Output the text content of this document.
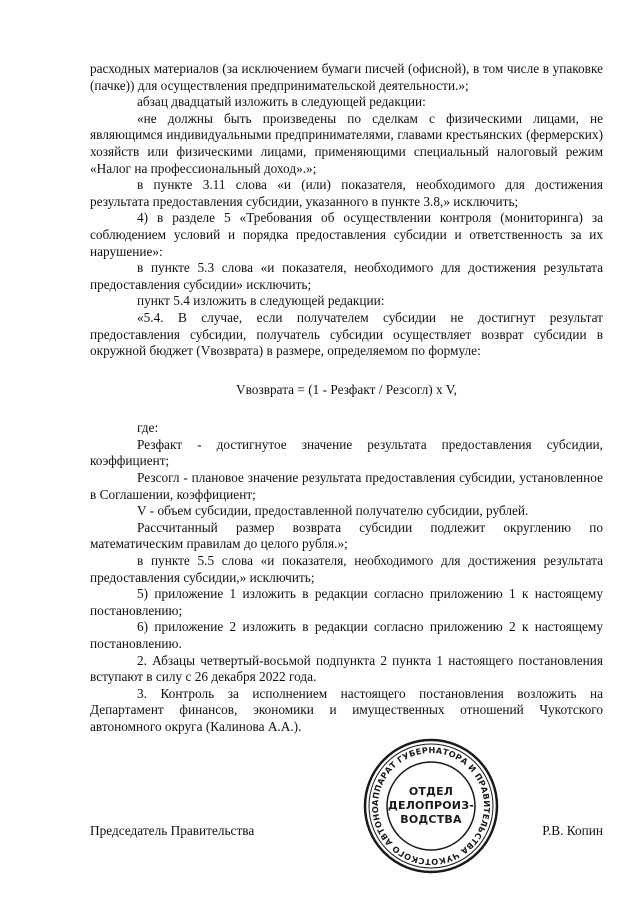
расходных материалов (за исключением бумаги писчей (офисной), в том числе в упаковке (пачке)) для осуществления предпринимательской деятельности.»;

абзац двадцатый изложить в следующей редакции:

«не должны быть произведены по сделкам с физическими лицами, не являющимся индивидуальными предпринимателями, главами крестьянских (фермерских) хозяйств или физическими лицами, применяющими специальный налоговый режим «Налог на профессиональный доход».»;

в пункте 3.11 слова «и (или) показателя, необходимого для достижения результата предоставления субсидии, указанного в пункте 3.8,» исключить;

4) в разделе 5 «Требования об осуществлении контроля (мониторинга) за соблюдением условий и порядка предоставления субсидии и ответственность за их нарушение»:

в пункте 5.3 слова «и показателя, необходимого для достижения результата предоставления субсидии» исключить;

пункт 5.4 изложить в следующей редакции:

«5.4. В случае, если получателем субсидии не достигнут результат предоставления субсидии, получатель субсидии осуществляет возврат субсидии в окружной бюджет (Vвозврата) в размере, определяемом по формуле:

Vвозврата = (1 - Резфакт / Резсогл) x V,

где:

Резфакт - достигнутое значение результата предоставления субсидии, коэффициент;

Резсогл - плановое значение результата предоставления субсидии, установленное в Соглашении, коэффициент;

V - объем субсидии, предоставленной получателю субсидии, рублей.

Рассчитанный размер возврата субсидии подлежит округлению по математическим правилам до целого рубля.»;

в пункте 5.5 слова «и показателя, необходимого для достижения результата предоставления субсидии,» исключить;

5) приложение 1 изложить в редакции согласно приложению 1 к настоящему постановлению;

6) приложение 2 изложить в редакции согласно приложению 2 к настоящему постановлению.

2. Абзацы четвертый-восьмой подпункта 2 пункта 1 настоящего постановления вступают в силу с 26 декабря 2022 года.

3. Контроль за исполнением настоящего постановления возложить на Департамент финансов, экономики и имущественных отношений Чукотского автономного округа (Калинова А.А.).

АППАРАТ ГУБЕРНАТОРА И ПРАВИТЕЛЬСТВА ЧУКОТСКОГО АВТОНО
ОТДЕЛ
ДЕЛОПРОИЗ-
ВОДСТВА
Председатель Правительства	Р.В. Копин
